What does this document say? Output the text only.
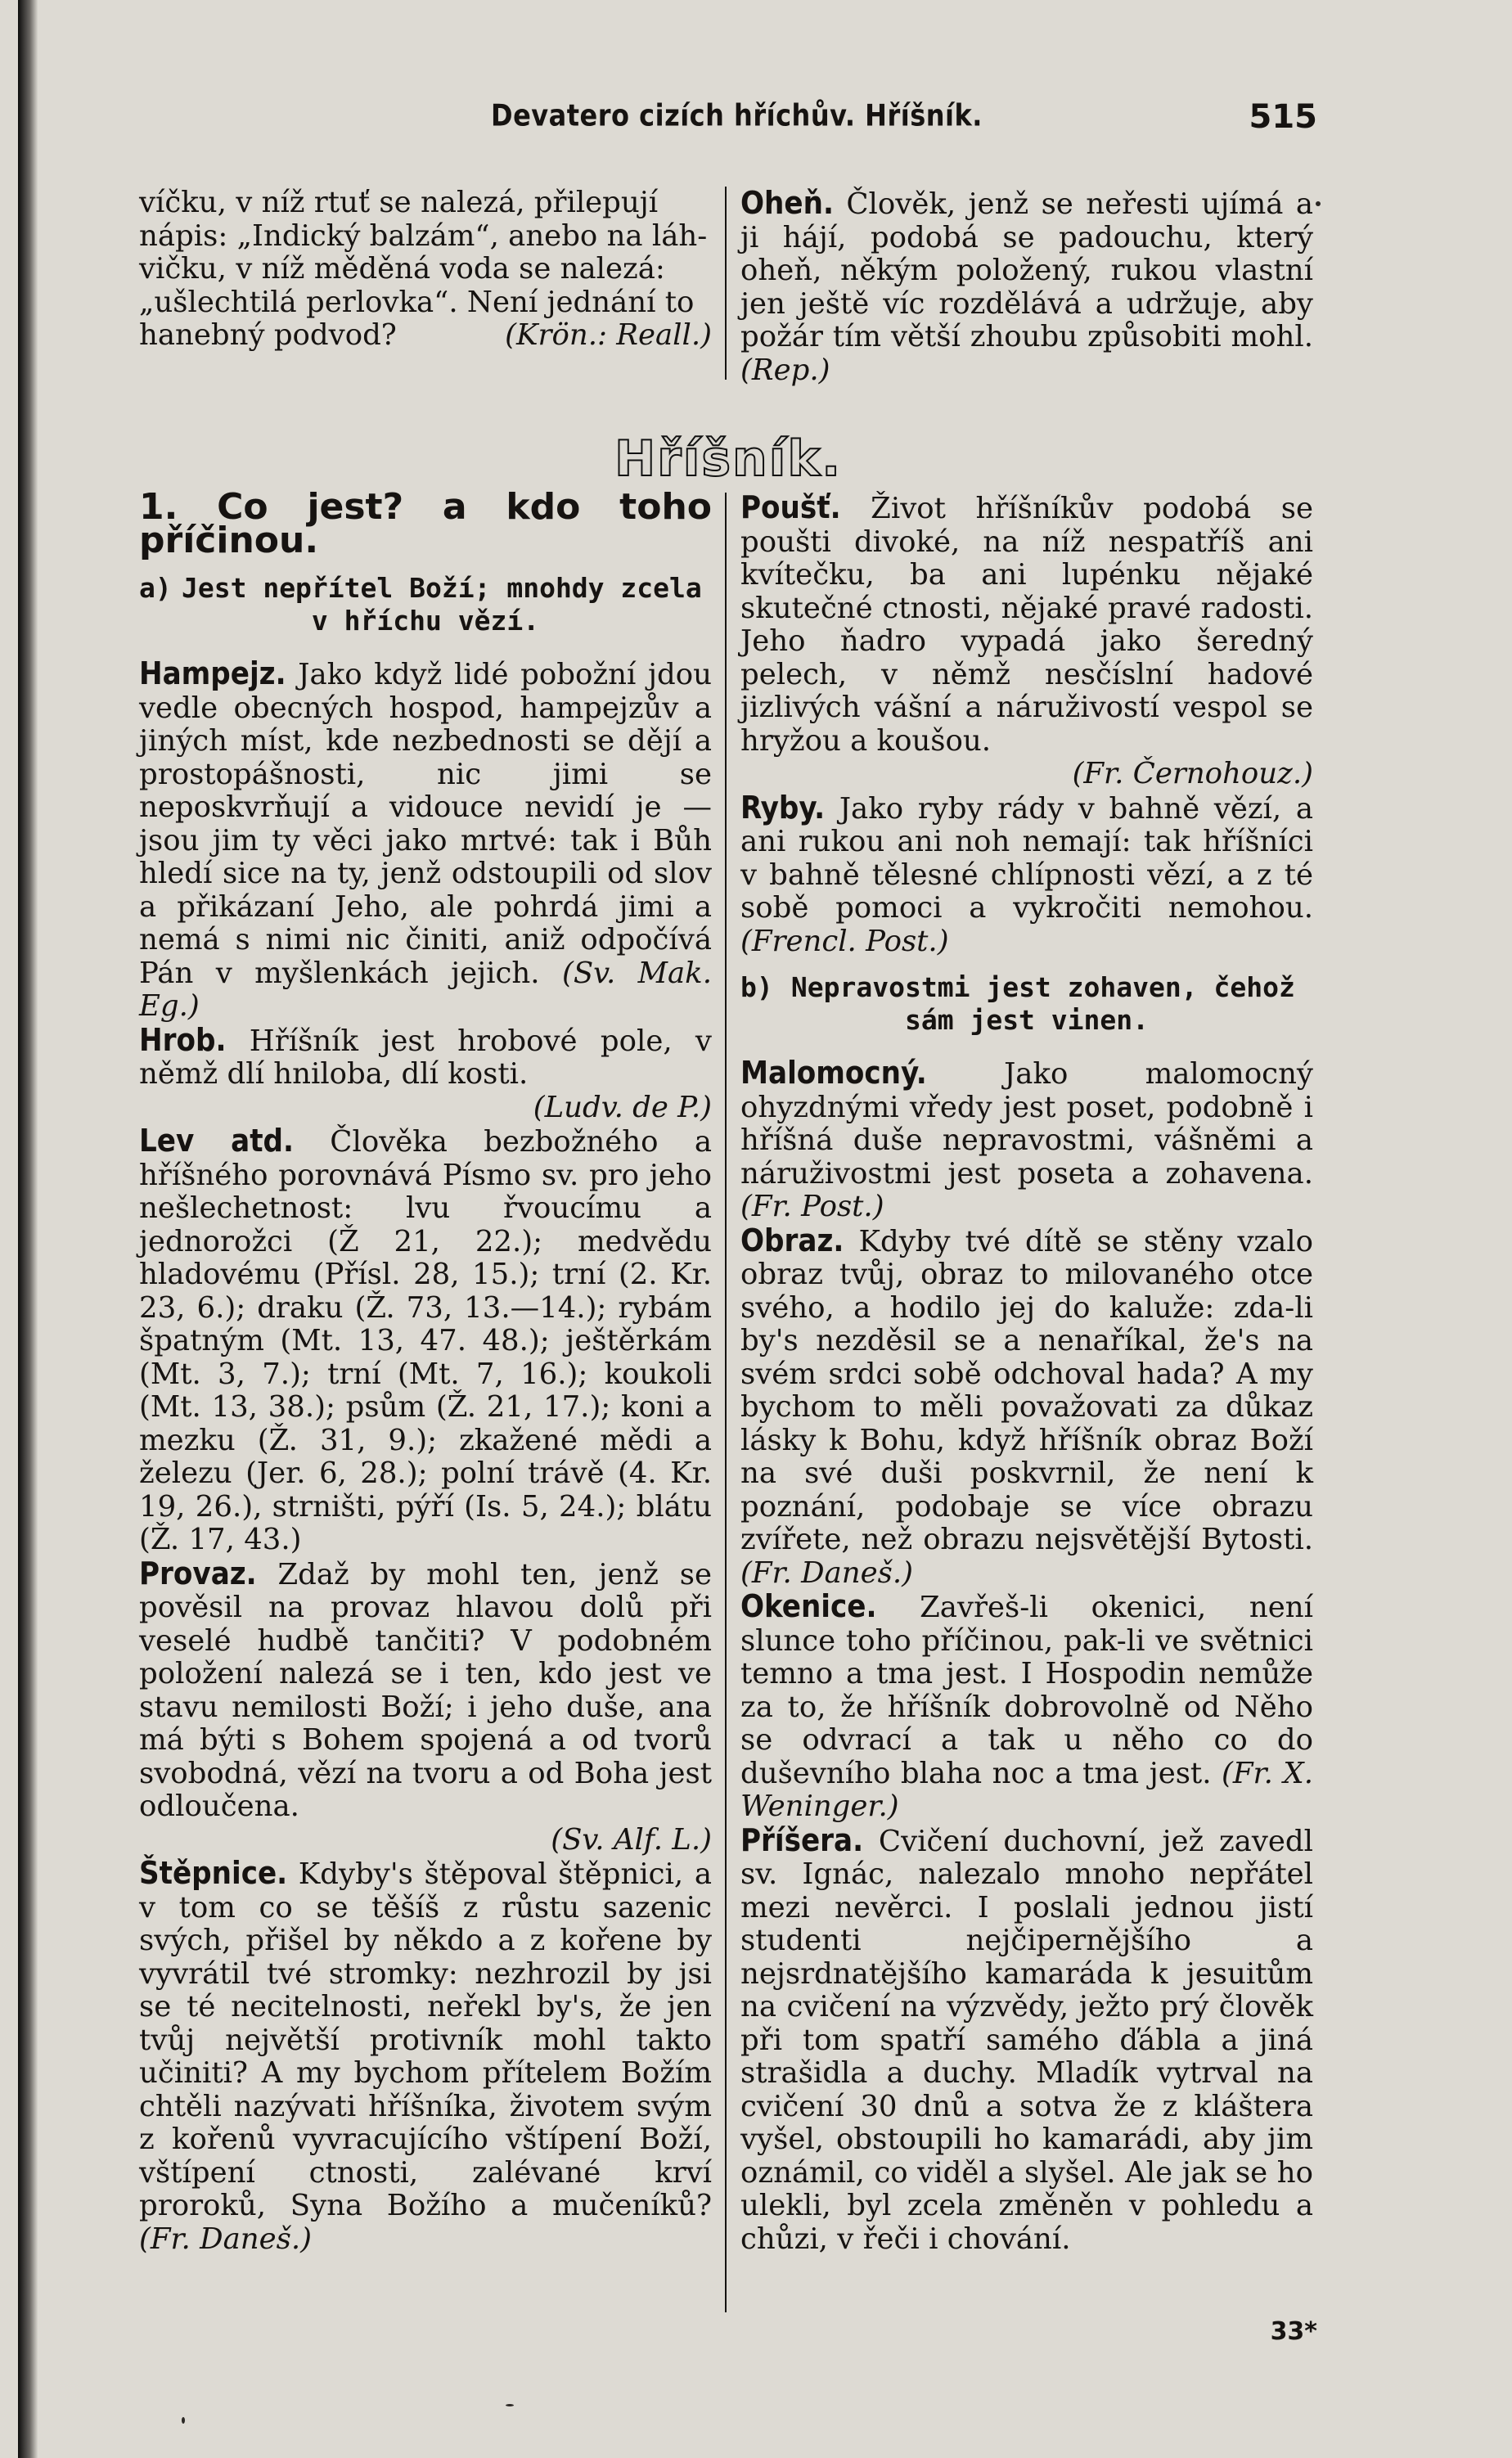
Devatero cizích hříchův. Hříšník.	515

víčku, v níž rtuť se nalezá, přilepují

nápis: „Indický balzám“, anebo na láh-

vičku, v níž měděná voda se nalezá:

„ušlechtilá perlovka“. Není jednání to

hanebný podvod?	(Krön.: Reall.)

Oheň. Člověk, jenž se neřesti ujímá a ji hájí, podobá se padouchu, který oheň, někým položený, rukou vlastní jen ještě víc rozdělává a udržuje, aby požár tím větší zhoubu způsobiti mohl. (Rep.)

Hříšník.

1. Co jest? a kdo toho příčinou.

a) Jest nepřítel Boží; mnohdy zcela v hříchu vězí.

Hampejz. Jako když lidé pobožní jdou vedle obecných hospod, hampejzův a jiných míst, kde nezbednosti se dějí a prostopášnosti, nic jimi se neposkvrňují a vidouce nevidí je — jsou jim ty věci jako mrtvé: tak i Bůh hledí sice na ty, jenž odstoupili od slov a přikázaní Jeho, ale pohrdá jimi a nemá s nimi nic činiti, aniž odpočívá Pán v myšlenkách jejich. (Sv. Mak. Eg.)

Hrob. Hříšník jest hrobové pole, v němž dlí hniloba, dlí kosti.

(Ludv. de P.)

Lev atd. Člověka bezbožného a hříšného porovnává Písmo sv. pro jeho nešlechetnost: lvu řvoucímu a jednorožci (Ž 21, 22.); medvědu hladovému (Přísl. 28, 15.); trní (2. Kr. 23, 6.); draku (Ž. 73, 13.—14.); rybám špatným (Mt. 13, 47. 48.); ještěrkám (Mt. 3, 7.); trní (Mt. 7, 16.); koukoli (Mt. 13, 38.); psům (Ž. 21, 17.); koni a mezku (Ž. 31, 9.); zkažené mědi a železu (Jer. 6, 28.); polní trávě (4. Kr. 19, 26.), strništi, pýří (Is. 5, 24.); blátu (Ž. 17, 43.)

Provaz. Zdaž by mohl ten, jenž se pověsil na provaz hlavou dolů při veselé hudbě tančiti? V podobném položení nalezá se i ten, kdo jest ve stavu nemilosti Boží; i jeho duše, ana má býti s Bohem spojená a od tvorů svobodná, vězí na tvoru a od Boha jest odloučena.

(Sv. Alf. L.)

Štěpnice. Kdyby's štěpoval štěpnici, a v tom co se těšíš z růstu sazenic svých, přišel by někdo a z kořene by vyvrátil tvé stromky: nezhrozil by jsi se té necitelnosti, neřekl by's, že jen tvůj největší protivník mohl takto učiniti? A my bychom přítelem Božím chtěli nazývati hříšníka, životem svým z kořenů vyvracujícího vštípení Boží, vštípení ctnosti, zalévané krví proroků, Syna Božího a mučeníků? (Fr. Daneš.)

Poušť. Život hříšníkův podobá se poušti divoké, na níž nespatříš ani kvítečku, ba ani lupénku nějaké skutečné ctnosti, nějaké pravé radosti. Jeho ňadro vypadá jako šeredný pelech, v němž nesčíslní hadové jizlivých vášní a náruživostí vespol se hryžou a koušou.

(Fr. Černohouz.)

Ryby. Jako ryby rády v bahně vězí, a ani rukou ani noh nemají: tak hříšníci v bahně tělesné chlípnosti vězí, a z té sobě pomoci a vykročiti nemohou. (Frencl. Post.)

b) Nepravostmi jest zohaven, čehož sám jest vinen.

Malomocný.	Jako malomocný ohyzdnými vředy jest poset, podobně i hříšná duše nepravostmi, vášněmi a náruživostmi jest poseta a zohavena. (Fr. Post.)

Obraz. Kdyby tvé dítě se stěny vzalo obraz tvůj, obraz to milovaného otce svého, a hodilo jej do kaluže: zda-li by's nezděsil se a nenaříkal, že's na svém srdci sobě odchoval hada? A my bychom to měli považovati za důkaz lásky k Bohu, když hříšník obraz Boží na své duši poskvrnil, že není k poznání, podobaje se více obrazu zvířete, než obrazu nejsvětější Bytosti. (Fr. Daneš.)

Okenice. Zavřeš-li okenici, není slunce toho příčinou, pak-li ve světnici temno a tma jest. I Hospodin nemůže za to, že hříšník dobrovolně od Něho se odvrací a tak u něho co do duševního blaha noc a tma jest. (Fr. X. Weninger.)

Příšera. Cvičení duchovní, jež zavedl sv. Ignác, nalezalo mnoho nepřátel mezi nevěrci. I poslali jednou jistí studenti nejčipernějšího a nejsrdnatějšího kamaráda k jesuitům na cvičení na výzvědy, ježto prý člověk při tom spatří samého ďábla a jiná strašidla a duchy. Mladík vytrval na cvičení 30 dnů a sotva že z kláštera vyšel, obstoupili ho kamarádi, aby jim oznámil, co viděl a slyšel. Ale jak se ho ulekli, byl zcela změněn v pohledu a chůzi, v řeči i chování.

33*
